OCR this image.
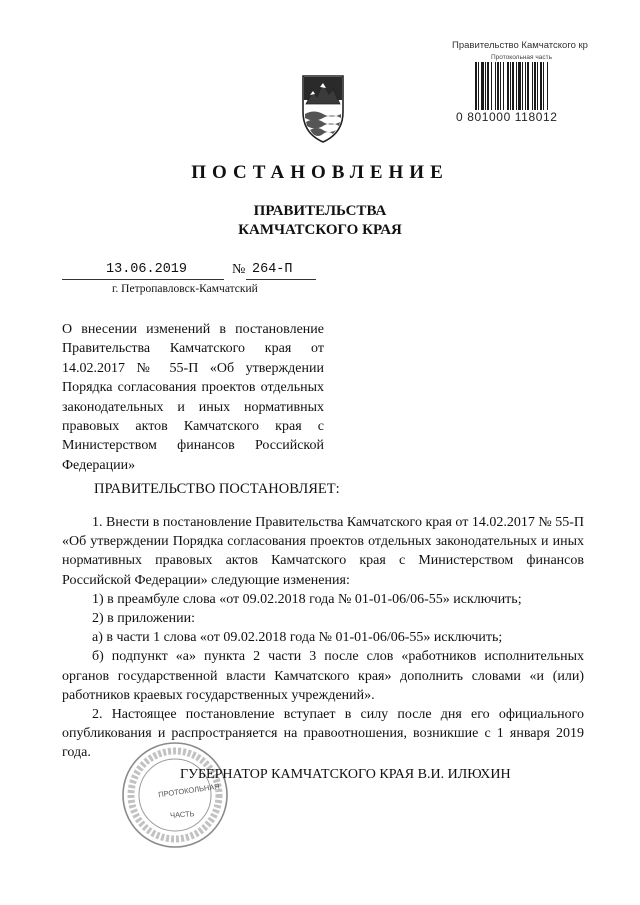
Правительство Камчатского кр
Протокольная часть
0 801000 118012
ПОСТАНОВЛЕНИЕ
ПРАВИТЕЛЬСТВА
КАМЧАТСКОГО КРАЯ
13.06.2019	№ 264-П
г. Петропавловск-Камчатский
О внесении изменений в постановление Правительства Камчатского края от 14.02.2017 № 55-П «Об утверждении Порядка согласования проектов отдельных законодательных и иных нормативных правовых актов Камчатского края с Министерством финансов Российской Федерации»
ПРАВИТЕЛЬСТВО ПОСТАНОВЛЯЕТ:

1. Внести в постановление Правительства Камчатского края от 14.02.2017 № 55-П «Об утверждении Порядка согласования проектов отдельных законодательных и иных нормативных правовых актов Камчатского края с Министерством финансов Российской Федерации» следующие изменения:

1) в преамбуле слова «от 09.02.2018 года № 01-01-06/06-55» исключить;

2) в приложении:

а) в части 1 слова «от 09.02.2018 года № 01-01-06/06-55» исключить;

б) подпункт «а» пункта 2 части 3 после слов «работников исполнительных органов государственной власти Камчатского края» дополнить словами «и (или) работников краевых государственных учреждений».

2. Настоящее постановление вступает в силу после дня его официального опубликования и распространяется на правоотношения, возникшие с 1 января 2019 года.

ПРОТОКОЛЬНАЯ
ЧАСТЬ
ГУБЕРНАТОР КАМЧАТСКОГО КРАЯ В.И. ИЛЮХИН
